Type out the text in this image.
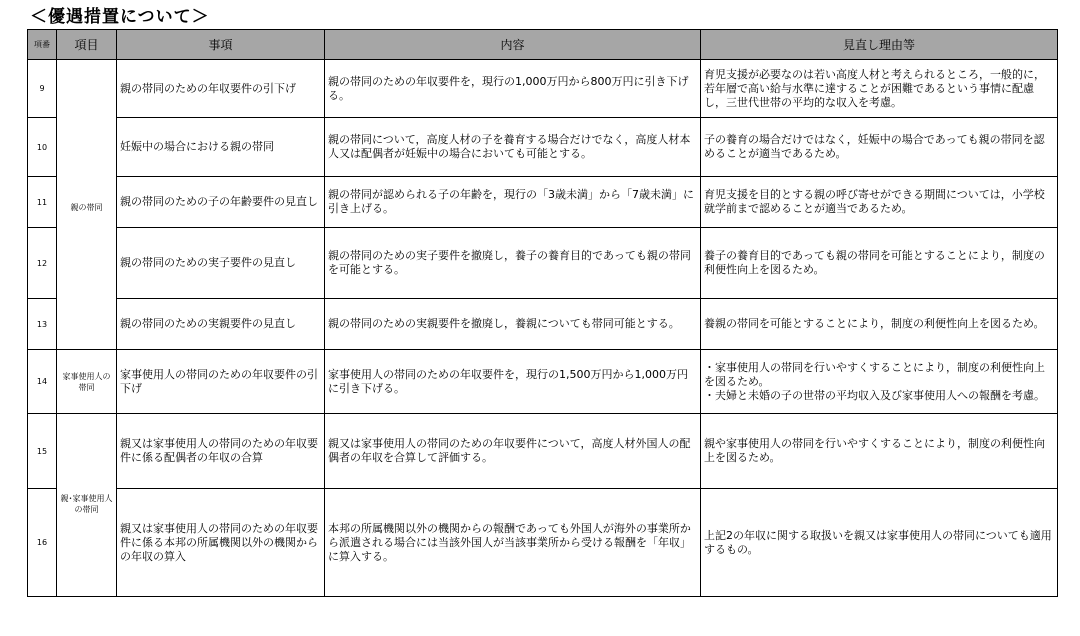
＜優遇措置について＞
項番	項目	事項	内容	見直し理由等
9	親の帯同	親の帯同のための年収要件の引下げ	親の帯同のための年収要件を，現行の1,000万円から800万円に引き下げる。	育児支援が必要なのは若い高度人材と考えられるところ，一般的に，若年層で高い給与水準に達することが困難であるという事情に配慮し，三世代世帯の平均的な収入を考慮。
10		妊娠中の場合における親の帯同	親の帯同について，高度人材の子を養育する場合だけでなく，高度人材本人又は配偶者が妊娠中の場合においても可能とする。	子の養育の場合だけではなく，妊娠中の場合であっても親の帯同を認めることが適当であるため。
11		親の帯同のための子の年齢要件の見直し	親の帯同が認められる子の年齢を，現行の「3歳未満」から「7歳未満」に引き上げる。	育児支援を目的とする親の呼び寄せができる期間については，小学校就学前まで認めることが適当であるため。
12		親の帯同のための実子要件の見直し	親の帯同のための実子要件を撤廃し，養子の養育目的であっても親の帯同を可能とする。	養子の養育目的であっても親の帯同を可能とすることにより，制度の利便性向上を図るため。
13		親の帯同のための実親要件の見直し	親の帯同のための実親要件を撤廃し，養親についても帯同可能とする。	養親の帯同を可能とすることにより，制度の利便性向上を図るため。
14	家事使用人の帯同	家事使用人の帯同のための年収要件の引下げ	家事使用人の帯同のための年収要件を，現行の1,500万円から1,000万円に引き下げる。	・家事使用人の帯同を行いやすくすることにより，制度の利便性向上を図るため。
・夫婦と未婚の子の世帯の平均収入及び家事使用人への報酬を考慮。

15	親･家事使用人の帯同	親又は家事使用人の帯同のための年収要件に係る配偶者の年収の合算	親又は家事使用人の帯同のための年収要件について，高度人材外国人の配偶者の年収を合算して評価する。	親や家事使用人の帯同を行いやすくすることにより，制度の利便性向上を図るため。
16		親又は家事使用人の帯同のための年収要件に係る本邦の所属機関以外の機関からの年収の算入	本邦の所属機関以外の機関からの報酬であっても外国人が海外の事業所から派遣される場合には当該外国人が当該事業所から受ける報酬を「年収」に算入する。	上記2の年収に関する取扱いを親又は家事使用人の帯同についても適用するもの。
